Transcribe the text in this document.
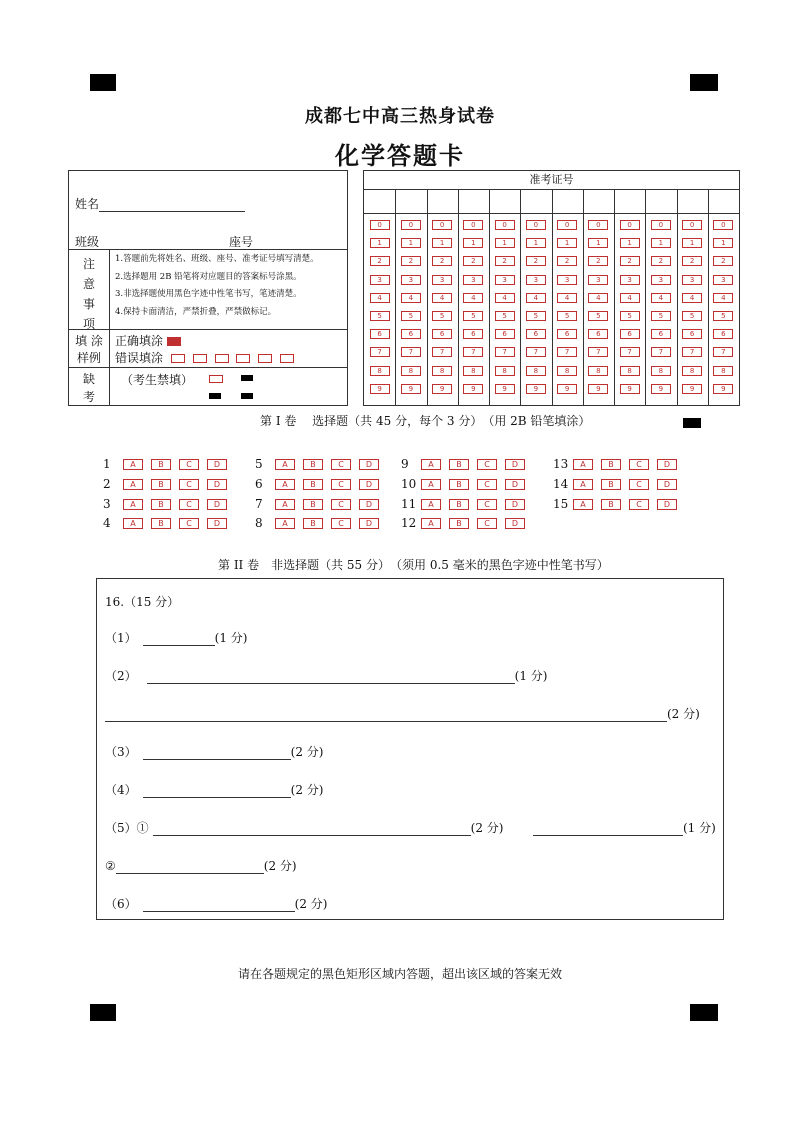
成都七中高三热身试卷
化学答题卡
姓名
班级	座号
注
意
事
项
1.答题前先将姓名、班级、座号、准考证号填写清楚。
2.选择题用 2B 铅笔将对应题目的答案标号涂黑。
3.非选择题使用黑色字迹中性笔书写，笔迹清楚。
4.保持卡面清洁，严禁折叠，严禁做标记。
填 涂
样例
正确填涂
错误填涂
缺
考
（考生禁填）
准考证号
0	0	0	0	0	0	0	0	0	0	0	0
1	1	1	1	1	1	1	1	1	1	1	1
2	2	2	2	2	2	2	2	2	2	2	2
3	3	3	3	3	3	3	3	3	3	3	3
4	4	4	4	4	4	4	4	4	4	4	4
5	5	5	5	5	5	5	5	5	5	5	5
6	6	6	6	6	6	6	6	6	6	6	6
7	7	7	7	7	7	7	7	7	7	7	7
8	8	8	8	8	8	8	8	8	8	8	8
9	9	9	9	9	9	9	9	9	9	9	9
第 I 卷　 选择题（共 45 分，每个 3 分）　（用 2B 铅笔填涂）
1 A	B	C	D
2 A	B	C	D
3 A	B	C	D
4 A	B	C	D
5 A	B	C	D
6 A	B	C	D
7 A	B	C	D
8 A	B	C	D
9 A	B	C	D
10 A	B	C	D
11 A	B	C	D
12 A	B	C	D
13 A	B	C	D
14 A	B	C	D
15 A	B	C	D
第 II 卷　非选择题（共 55 分）　（须用 0.5 毫米的黑色字迹中性笔书写）
16.（15 分）
（1）	(1 分)
（2）	(1 分)
(2 分)
（3）	(2 分)
（4）	(2 分)
（5）①	(2 分)	(1 分)
②	(2 分)
（6）	(2 分)
请在各题规定的黑色矩形区域内答题，超出该区域的答案无效
